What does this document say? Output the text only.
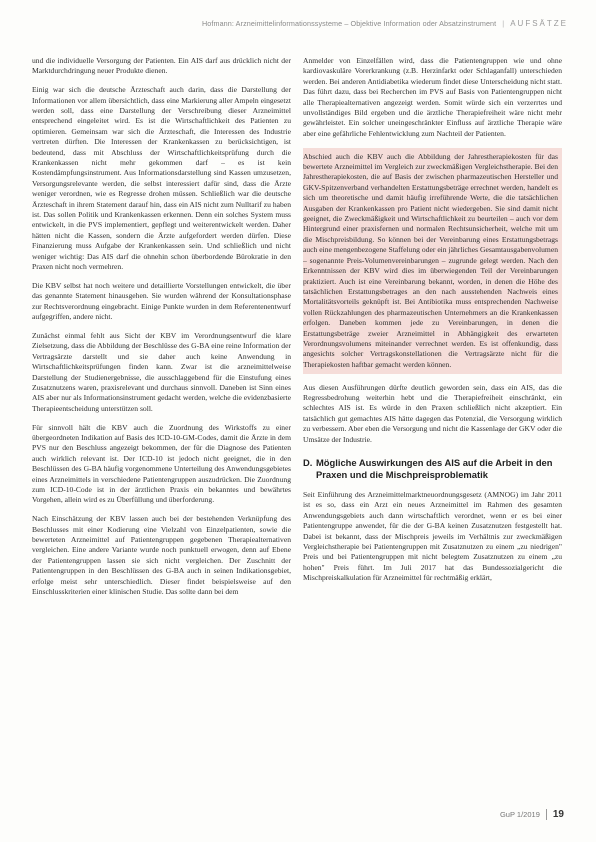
Hofmann: Arzneimittelinformationssysteme – Objektive Information oder Absatzinstrument | AUFSÄTZE

und die individuelle Versorgung der Patienten. Ein AIS darf aus drücklich nicht der Marktdurchdringung neuer Produkte dienen.

Einig war sich die deutsche Ärzteschaft auch darin, dass die Darstellung der Informationen vor allem übersichtlich, dass eine Markierung aller Ampeln eingesetzt werden soll, dass eine Darstellung der Verschreibung dieser Arzneimittel entsprechend eingeleitet wird. Es ist die Wirtschaftlichkeit des Patienten zu optimieren. Gemeinsam war sich die Ärzteschaft, die Interessen des Industrie vertreten dürften. Die Interessen der Krankenkassen zu berücksichtigen, ist bedeutend, dass mit Abschluss der Wirtschaftlichkeitsprüfung durch die Krankenkassen nicht mehr gekommen darf – es ist kein Kostendämpfungsinstrument. Aus Informationsdarstellung sind Kassen umzusetzen, Versorgungsrelevante werden, die selbst interessiert dafür sind, dass die Ärzte weniger verordnen, wie es Regresse drohen müssen. Schließlich war die deutsche Ärzteschaft in ihrem Statement darauf hin, dass ein AIS nicht zum Nulltarif zu haben ist. Das sollen Politik und Krankenkassen erkennen. Denn ein solches System muss entwickelt, in die PVS implementiert, gepflegt und weiterentwickelt werden. Daher hätten nicht die Kassen, sondern die Ärzte aufgefordert werden dürfen. Diese Finanzierung muss Aufgabe der Krankenkassen sein. Und schließlich und nicht weniger wichtig: Das AIS darf die ohnehin schon überbordende Bürokratie in den Praxen nicht noch vermehren.

Die KBV selbst hat noch weitere und detaillierte Vorstellungen entwickelt, die über das genannte Statement hinausgehen. Sie wurden während der Konsultationsphase zur Rechtsverordnung eingebracht. Einige Punkte wurden in dem Referentenentwurf aufgegriffen, andere nicht.

Zunächst einmal fehlt aus Sicht der KBV im Verordnungsentwurf die klare Zielsetzung, dass die Abbildung der Beschlüsse des G-BA eine reine Information der Vertragsärzte darstellt und sie daher auch keine Anwendung in Wirtschaftlichkeitsprüfungen finden kann. Zwar ist die arzneimittelweise Darstellung der Studienergebnisse, die ausschlaggebend für die Einstufung eines Zusatznutzens waren, praxisrelevant und durchaus sinnvoll. Daneben ist Sinn eines AIS aber nur als Informationsinstrument gedacht werden, welche die evidenzbasierte Therapieentscheidung unterstützen soll.

Für sinnvoll hält die KBV auch die Zuordnung des Wirkstoffs zu einer übergeordneten Indikation auf Basis des ICD-10-GM-Codes, damit die Ärzte in dem PVS nur den Beschluss angezeigt bekommen, der für die Diagnose des Patienten auch wirklich relevant ist. Der ICD-10 ist jedoch nicht geeignet, die in den Beschlüssen des G-BA häufig vorgenommene Unterteilung des Anwendungsgebietes eines Arzneimittels in verschiedene Patientengruppen auszudrücken. Die Zuordnung zum ICD-10-Code ist in der ärztlichen Praxis ein bekanntes und bewährtes Vorgehen, allein wird es zu Überfüllung und überforderung.

Nach Einschätzung der KBV lassen auch bei der bestehenden Verknüpfung des Beschlusses mit einer Kodierung eine Vielzahl von Einzelpatienten, sowie die bewerteten Arzneimittel auf Patientengruppen gegebenen Therapiealternativen vergleichen. Eine andere Variante wurde noch punktuell erwogen, denn auf Ebene der Patientengruppen lassen sie sich nicht vergleichen. Der Zuschnitt der Patientengruppen in den Beschlüssen des G-BA auch in seinen Indikationsgebiet, erfolge meist sehr unterschiedlich. Dieser findet beispielsweise auf den Einschlusskriterien einer klinischen Studie. Das sollte dann bei dem

Anmelder von Einzelfällen wird, dass die Patientengruppen wie und ohne kardiovaskuläre Vorerkrankung (z.B. Herzinfarkt oder Schlaganfall) unterschieden werden. Bei anderen Antidiabetika wiederum findet diese Unterscheidung nicht statt. Das führt dazu, dass bei Recherchen im PVS auf Basis von Patientengruppen nicht alle Therapiealternativen angezeigt werden. Somit würde sich ein verzerrtes und unvollständiges Bild ergeben und die ärztliche Therapiefreiheit wäre nicht mehr gewährleistet. Ein solcher uneingeschränkter Einfluss auf ärztliche Therapie wäre aber eine gefährliche Fehlentwicklung zum Nachteil der Patienten.

Abschied auch die KBV auch die Abbildung der Jahrestherapiekosten für das bewertete Arzneimittel im Vergleich zur zweckmäßigen Vergleichstherapie. Bei den Jahrestherapiekosten, die auf Basis der zwischen pharmazeutischen Hersteller und GKV-Spitzenverband verhandelten Erstattungsbeträge errechnet werden, handelt es sich um theoretische und damit häufig irreführende Werte, die die tatsächlichen Ausgaben der Krankenkassen pro Patient nicht wiedergeben. Sie sind damit nicht geeignet, die Zweckmäßigkeit und Wirtschaftlichkeit zu beurteilen – auch vor dem Hintergrund einer praxisfernen und normalen Rechtsunsicherheit, welche mit um die Mischpreisbildung. So können bei der Vereinbarung eines Erstattungsbetrags auch eine mengenbezogene Staffelung oder ein jährliches Gesamtausgabenvolumen – sogenannte Preis-Volumenvereinbarungen – zugrunde gelegt werden. Nach den Erkenntnissen der KBV wird dies im überwiegenden Teil der Vereinbarungen praktiziert. Auch ist eine Vereinbarung bekannt, worden, in denen die Höhe des tatsächlichen Erstattungsbetrages an den nach ausstehenden Nachweis eines Mortalitätsvorteils geknüpft ist. Bei Antibiotika muss entsprechenden Nachweise vollen Rückzahlungen des pharmazeutischen Unternehmers an die Krankenkassen erfolgen. Daneben kommen jede zu Vereinbarungen, in denen die Erstattungsbeträge zweier Arzneimittel in Abhängigkeit des erwarteten Verordnungsvolumens miteinander verrechnet werden. Es ist offenkundig, dass angesichts solcher Vertragskonstellationen die Vertragsärzte nicht für die Therapiekosten haftbar gemacht werden können.

Aus diesen Ausführungen dürfte deutlich geworden sein, dass ein AIS, das die Regressbedrohung weiterhin hebt und die Therapiefreiheit einschränkt, ein schlechtes AIS ist. Es würde in den Praxen schließlich nicht akzeptiert. Ein tatsächlich gut gemachtes AIS hätte dagegen das Potenzial, die Versorgung wirklich zu verbessern. Aber eben die Versorgung und nicht die Kassenlage der GKV oder die Umsätze der Industrie.

D. Mögliche Auswirkungen des AIS auf die Arbeit in den Praxen und die Mischpreisproblematik

Seit Einführung des Arzneimittelmarktneuordnungsgesetz (AMNOG) im Jahr 2011 ist es so, dass ein Arzt ein neues Arzneimittel im Rahmen des gesamten Anwendungsgebiets auch dann wirtschaftlich verordnet, wenn er es bei einer Patientengruppe anwendet, für die der G-BA keinen Zusatznutzen festgestellt hat. Dabei ist bekannt, dass der Mischpreis jeweils im Verhältnis zur zweckmäßigen Vergleichstherapie bei Patientengruppen mit Zusatznutzen zu einem „zu niedrigen" Preis und bei Patientengruppen mit nicht belegtem Zusatznutzen zu einem „zu hohen" Preis führt. Im Juli 2017 hat das Bundessozialgericht die Mischpreiskalkulation für Arzneimittel für rechtmäßig erklärt,

GuP 1/2019 19
